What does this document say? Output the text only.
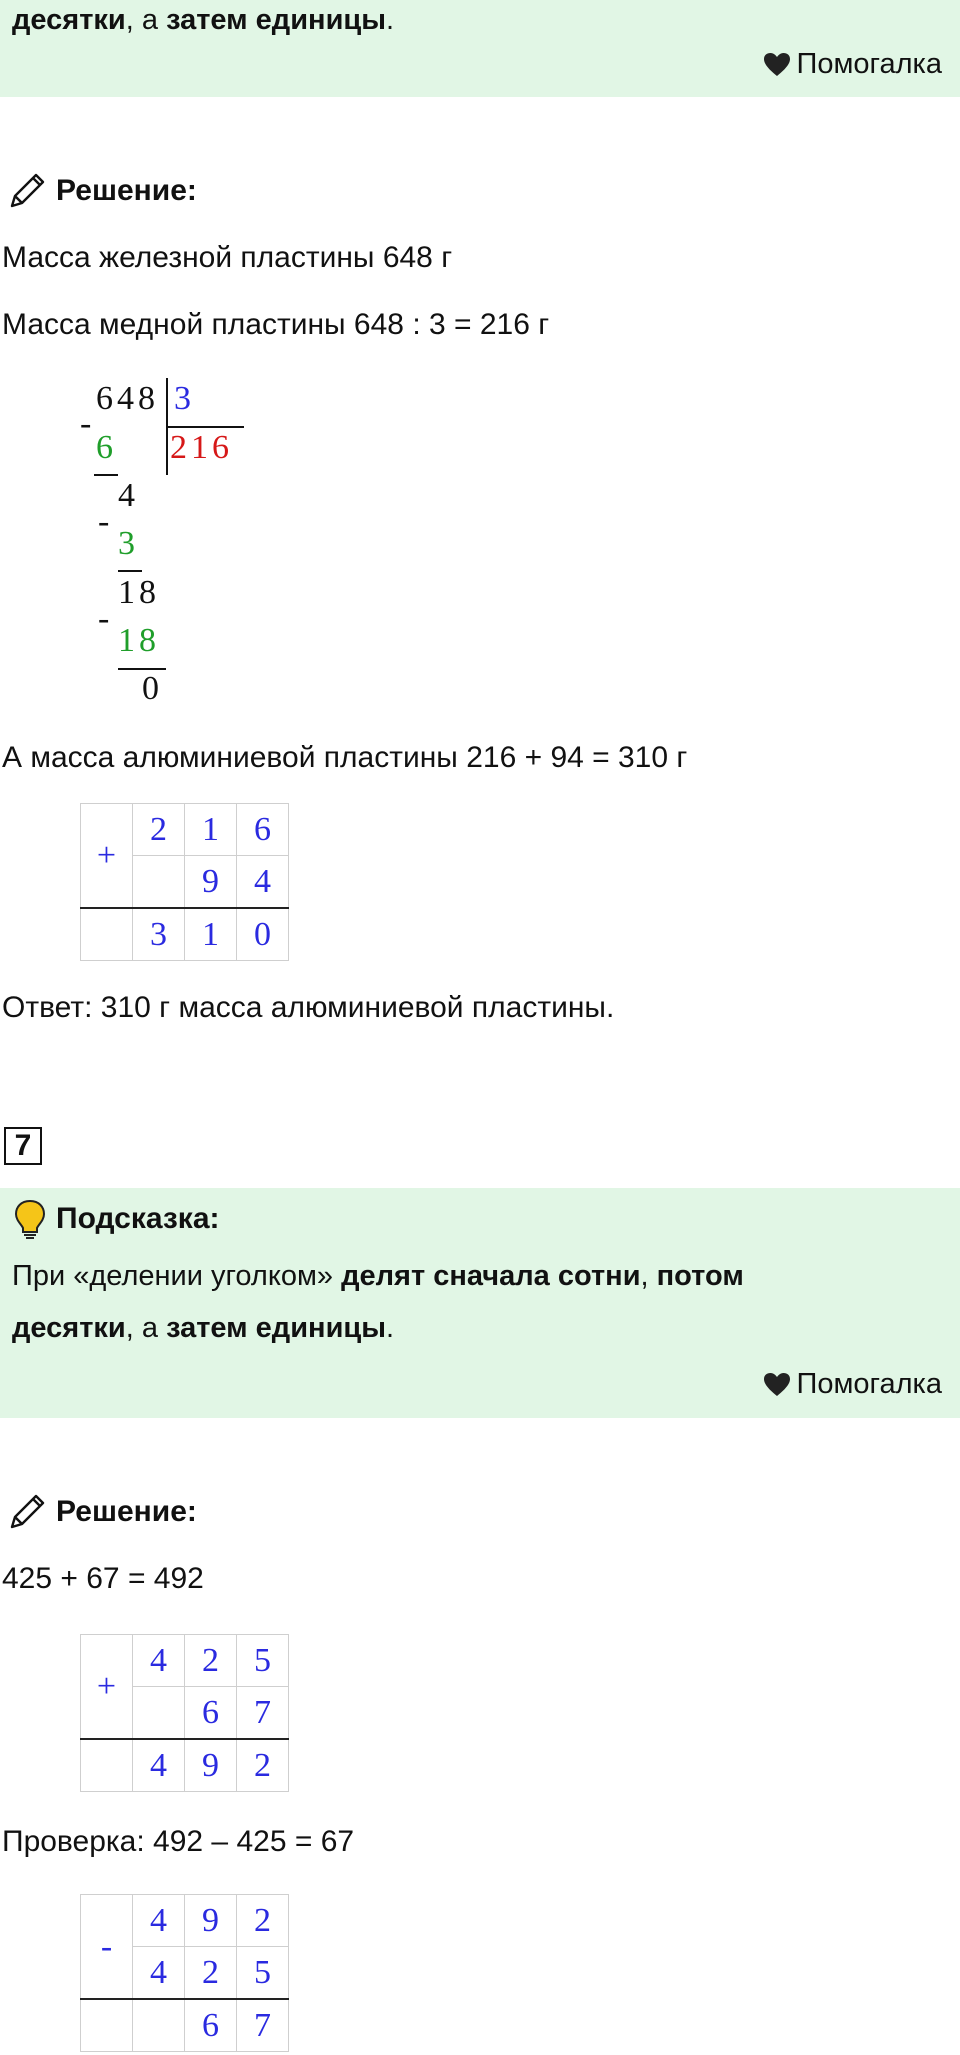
десятки, а затем единицы.
Помогалка
Решение:
Масса железной пластины 648 г
Масса медной пластины 648 : 3 = 216 г
648 3
216
-
6
4
-
3
18
-
18
0
А масса алюминиевой пластины 216 + 94 = 310 г
+	2	1	6
		9	4
	3	1	0
Ответ: 310 г масса алюминиевой пластины.
7
Подсказка:
При «делении уголком» делят сначала сотни, потом
десятки, а затем единицы.
Помогалка
Решение:
425 + 67 = 492
+	4	2	5
		6	7
	4	9	2
Проверка: 492 – 425 = 67
-	4	9	2
	4	2	5
		6	7
